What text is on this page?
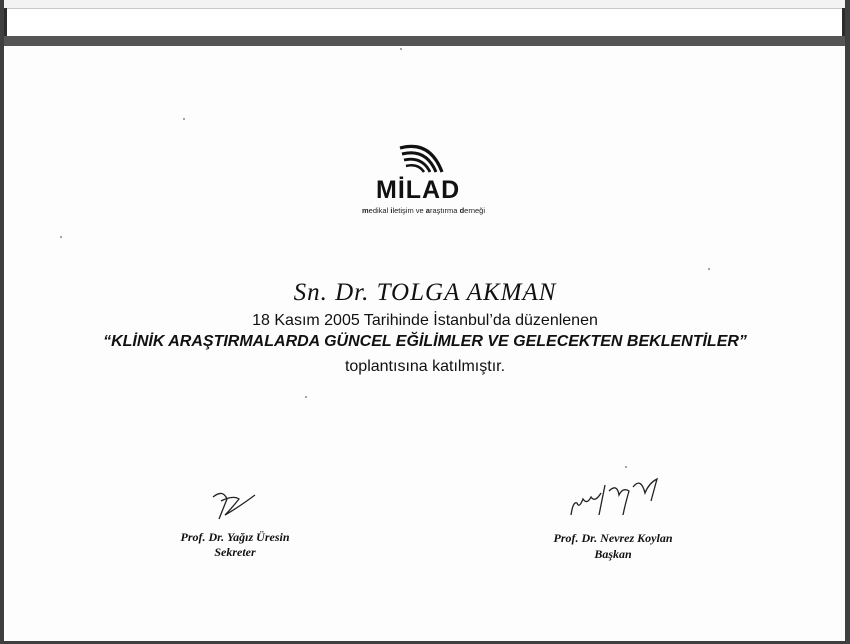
MİLAD
medikal iletişim ve araştırma derneği
Sn. Dr. TOLGA AKMAN
18 Kasım 2005 Tarihinde İstanbul’da düzenlenen
“KLİNİK ARAŞTIRMALARDA GÜNCEL EĞİLİMLER VE GELECEKTEN BEKLENTİLER”
toplantısına katılmıştır.
Prof. Dr. Yağız Üresin
Sekreter
Prof. Dr. Nevrez Koylan
Başkan
